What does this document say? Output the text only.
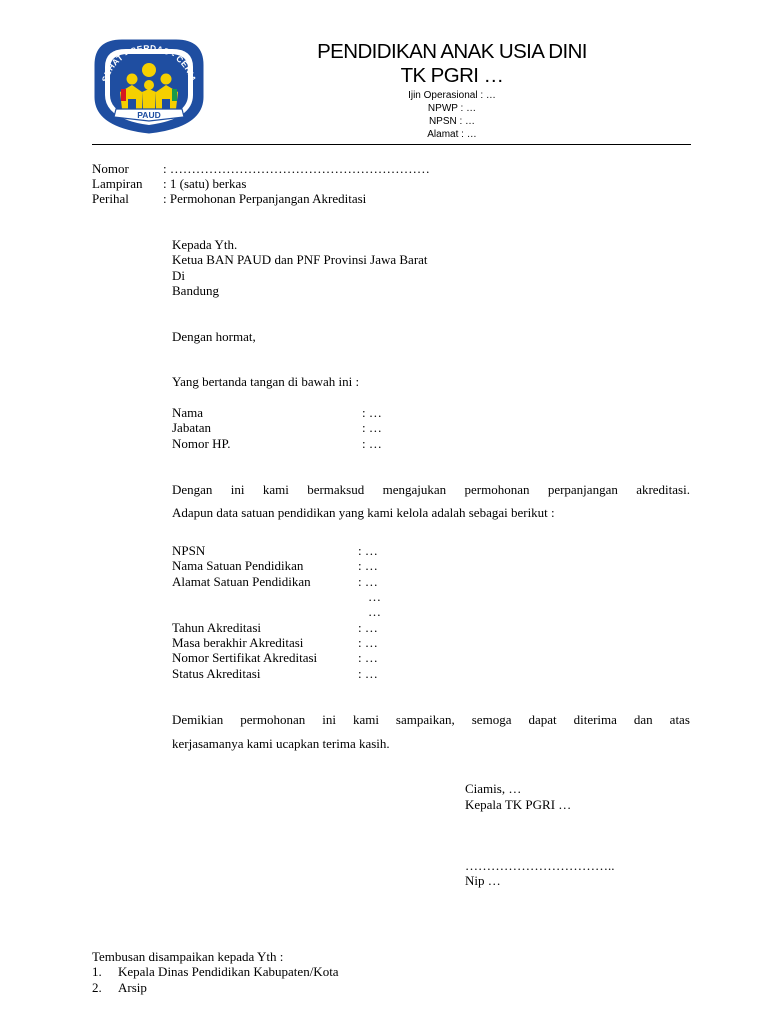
SEHAT - CERDAS - CERIA
PAUD
PENDIDIKAN ANAK USIA DINI
TK PGRI …
Ijin Operasional : …
NPWP : …
NPSN : …
Alamat : …
Nomor	: ……………………………………………………
Lampiran : 1 (satu) berkas
Perihal	: Permohonan Perpanjangan Akreditasi
Kepada Yth.
Ketua BAN PAUD dan PNF Provinsi Jawa Barat
Di
Bandung
Dengan hormat,
Yang bertanda tangan di bawah ini :
Nama	: …
Jabatan	: …
Nomor HP.	: …
Dengan ini kami bermaksud mengajukan permohonan perpanjangan akreditasi.
Adapun data satuan pendidikan yang kami kelola adalah sebagai berikut :
NPSN	: …
Nama Satuan Pendidikan	: …
Alamat Satuan Pendidikan	: …
…
…
Tahun Akreditasi	: …
Masa berakhir Akreditasi	: …
Nomor Sertifikat Akreditasi	: …
Status Akreditasi	: …
Demikian permohonan ini kami sampaikan, semoga dapat diterima dan atas
kerjasamanya kami ucapkan terima kasih.
Ciamis, …
Kepala TK PGRI …
……………………………..
Nip …
Tembusan disampaikan kepada Yth :
1. Kepala Dinas Pendidikan Kabupaten/Kota
2. Arsip
